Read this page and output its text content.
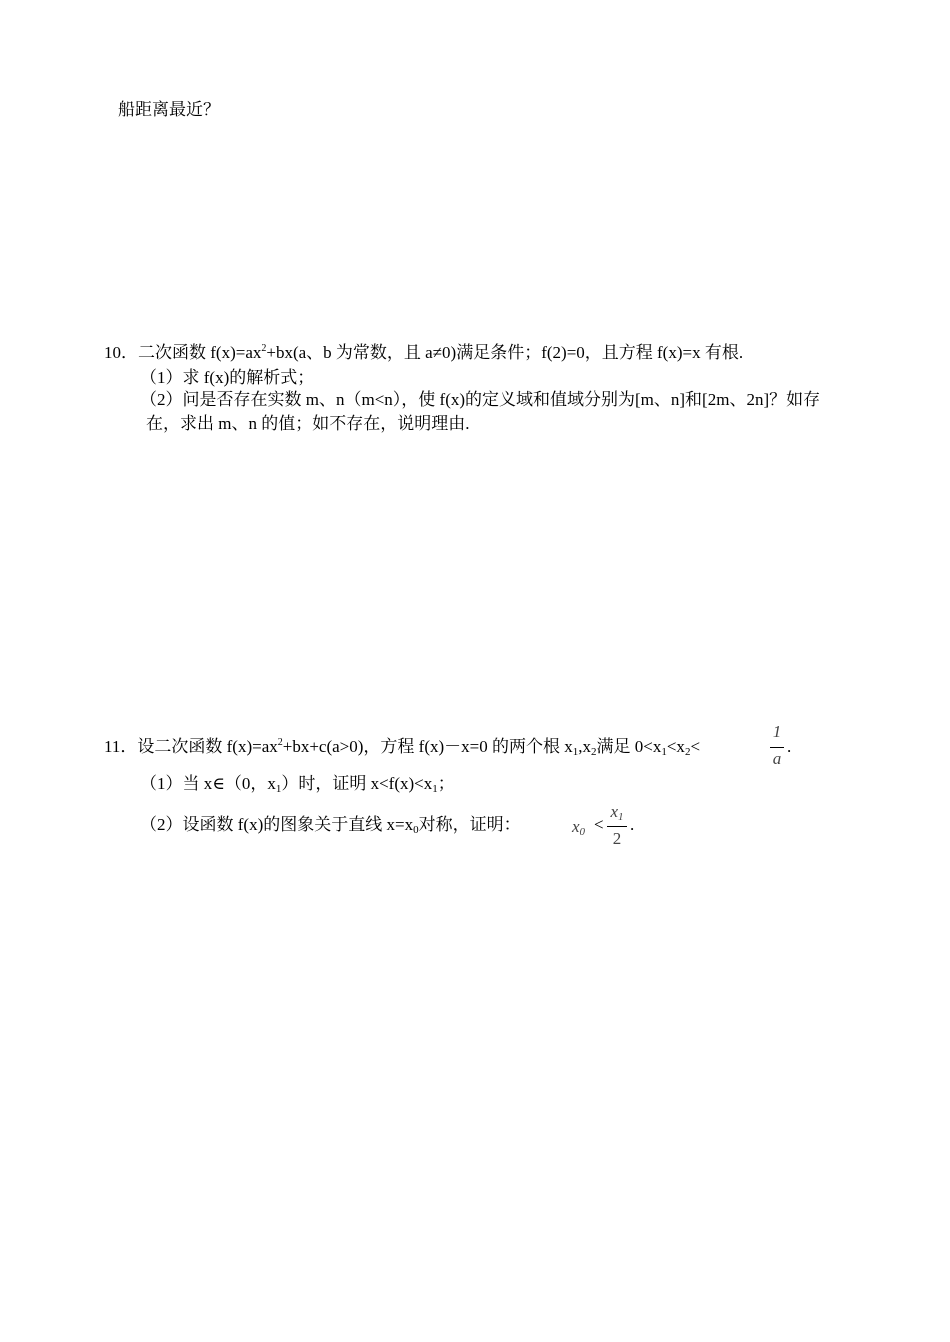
船距离最近？
10．二次函数 $f(x)=ax^2+bx(a$、b 为常数，且 a≠0)满足条件；f(2)=0，且方程 f(x)=x 有根.
（1）求 f(x)的解析式；
（2）问是否存在实数 m、n（m<n），使 f(x)的定义域和值域分别为[m、n]和[2m、2n]？如存
在，求出 m、n 的值；如不存在，说明理由.
11．设二次函数 $f(x)=ax^2+bx+c(a>0)$，方程 f(x)－x=0 的两个根 $x_1,x_2$满足 $0<x_1<x_2<$
1
a
.
（1）当 x∈（0，$x_1$）时，证明 $x<f(x)<x_1$；
（2）设函数 f(x)的图象关于直线 $x=x_0$对称，证明：	$x_0$ <
$x_1$
2
.
